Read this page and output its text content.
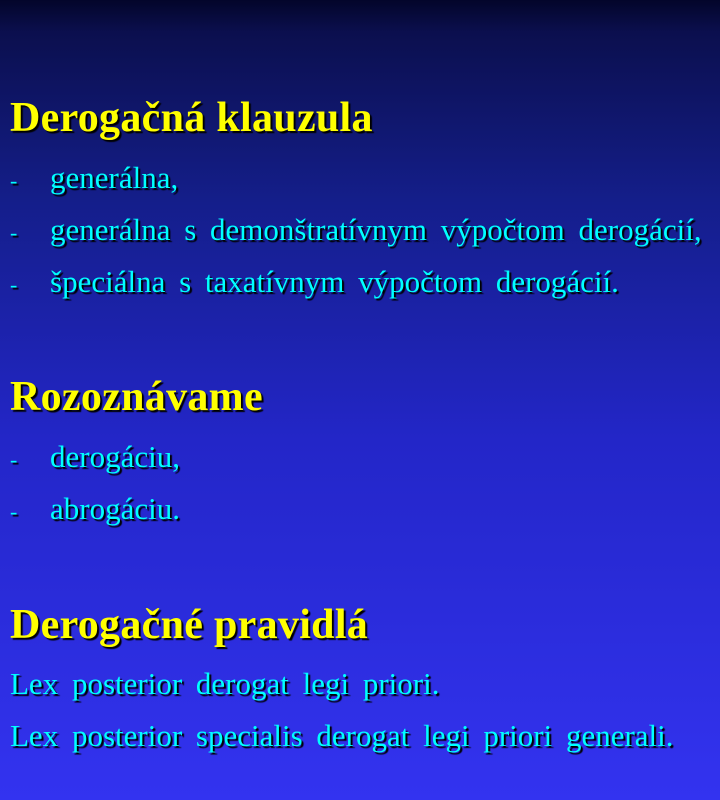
Derogačná klauzula
- generálna,
- generálna s demonštratívnym výpočtom derogácií,
- špeciálna s taxatívnym výpočtom derogácií.
Rozoznávame
- derogáciu,
- abrogáciu.
Derogačné pravidlá
Lex posterior derogat legi priori.
Lex posterior specialis derogat legi priori generali.
